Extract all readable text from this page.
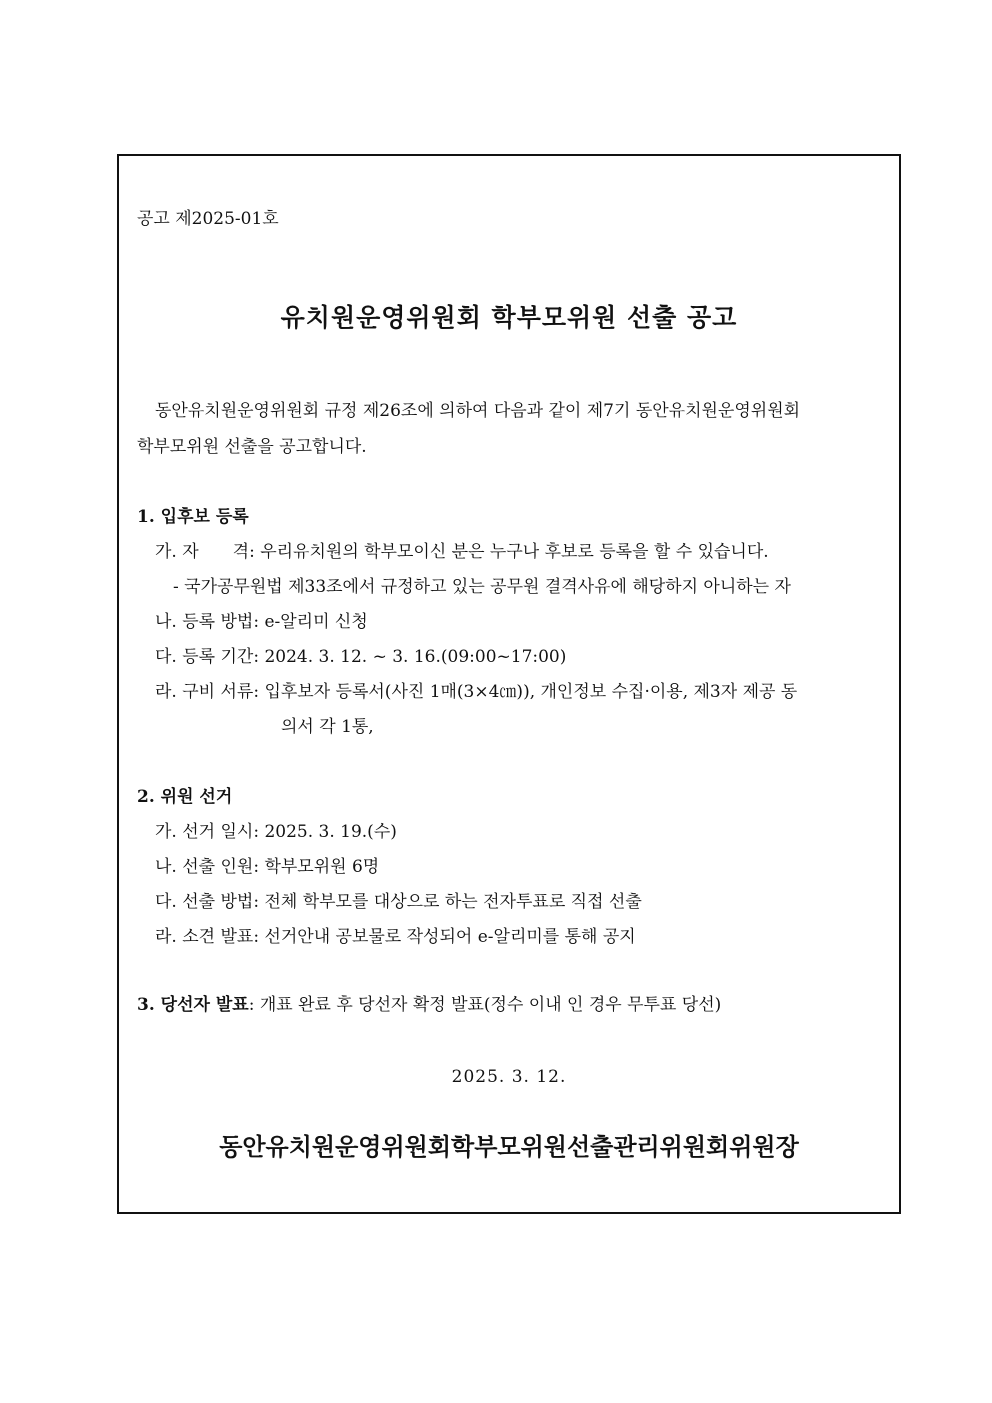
공고 제2025-01호
유치원운영위원회 학부모위원 선출 공고
동안유치원운영위원회 규정 제26조에 의하여 다음과 같이 제7기 동안유치원운영위원회
학부모위원 선출을 공고합니다.
1. 입후보 등록
가. 자　　격: 우리유치원의 학부모이신 분은 누구나 후보로 등록을 할 수 있습니다.
- 국가공무원법 제33조에서 규정하고 있는 공무원 결격사유에 해당하지 아니하는 자
나. 등록 방법: e-알리미 신청
다. 등록 기간: 2024. 3. 12. ~ 3. 16.(09:00~17:00)
라. 구비 서류: 입후보자 등록서(사진 1매(3×4㎝)), 개인정보 수집·이용, 제3자 제공 동
의서 각 1통,
2. 위원 선거
가. 선거 일시: 2025. 3. 19.(수)
나. 선출 인원: 학부모위원 6명
다. 선출 방법: 전체 학부모를 대상으로 하는 전자투표로 직접 선출
라. 소견 발표: 선거안내 공보물로 작성되어 e-알리미를 통해 공지
3. 당선자 발표: 개표 완료 후 당선자 확정 발표(정수 이내 인 경우 무투표 당선)
2025. 3. 12.
동안유치원운영위원회학부모위원선출관리위원회위원장
